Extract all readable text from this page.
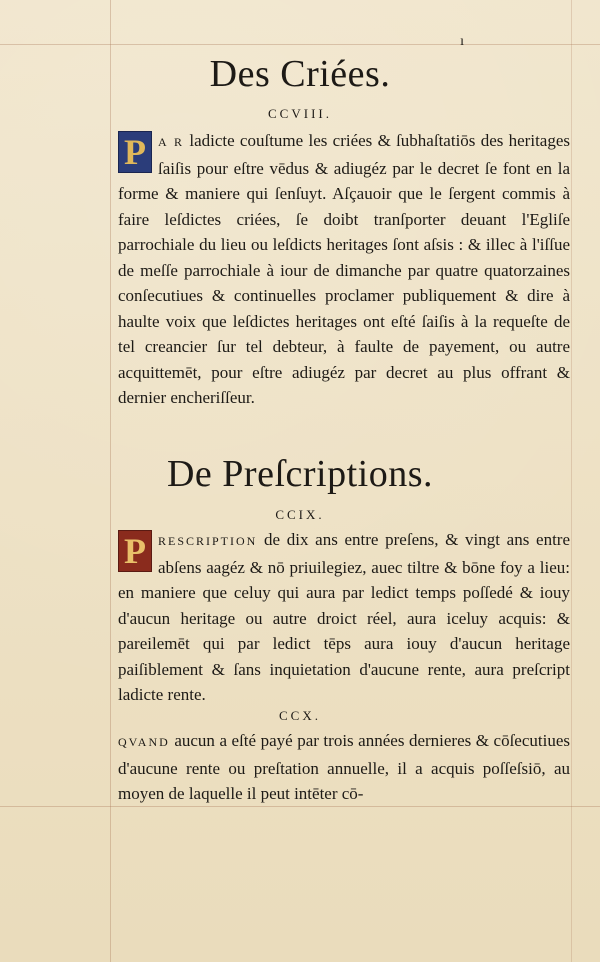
ı
Des Criées.
CCVIII.
P	A R ladicte couſtume les criées & ſubhaſtatiōs des heritages ſaiſis pour eſtre vēdus & adiugéz par le decret ſe font en la forme & maniere qui ſenſuyt. Aſçauoir que le ſergent commis à faire leſdictes criées, ſe doibt tranſporter deuant l'Egliſe parrochiale du lieu ou leſdicts heritages ſont aſsis : & illec à l'iſſue de meſſe parrochiale à iour de dimanche par quatre quatorzaines conſecutiues & continuelles proclamer publiquement & dire à haulte voix que leſdictes heritages ont eſté ſaiſis à la requeſte de tel creancier ſur tel debteur, à faulte de payement, ou autre acquittemēt, pour eſtre adiugéz par decret au plus offrant & dernier encheriſſeur.
De Preſcriptions.
CCIX.
P	RESCRIPTION de dix ans entre preſens, & vingt ans entre abſens aagéz & nō priuilegiez, auec tiltre & bōne foy a lieu: en maniere que celuy qui aura par ledict temps poſſedé & iouy d'aucun heritage ou autre droict réel, aura iceluy acquis: & pareilemēt qui par ledict tēps aura iouy d'aucun heritage paiſiblement & ſans inquietation d'aucune rente, aura preſcript ladicte rente.
CCX.
QVAND aucun a eſté payé par trois années dernieres & cōſecutiues d'aucune rente ou preſtation annuelle, il a acquis poſſeſsiō, au moyen de laquelle il peut intēter cō-
